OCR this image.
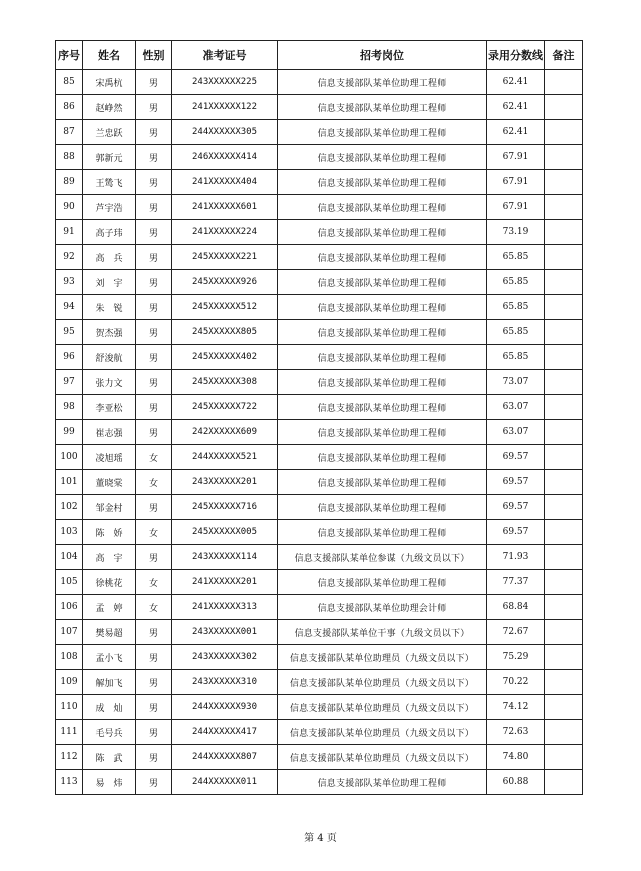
序号	姓名	性别	准考证号	招考岗位	录用分数线	备注
85	宋禹杭	男	243XXXXXX225	信息支援部队某单位助理工程师	62.41	
86	赵峥然	男	241XXXXXX122	信息支援部队某单位助理工程师	62.41	
87	兰忠跃	男	244XXXXXX305	信息支援部队某单位助理工程师	62.41	
88	郭新元	男	246XXXXXX414	信息支援部队某单位助理工程师	67.91	
89	王鸶飞	男	241XXXXXX404	信息支援部队某单位助理工程师	67.91	
90	芦宇浩	男	241XXXXXX601	信息支援部队某单位助理工程师	67.91	
91	高子玮	男	241XXXXXX224	信息支援部队某单位助理工程师	73.19	
92	高　兵	男	245XXXXXX221	信息支援部队某单位助理工程师	65.85	
93	刘　宇	男	245XXXXXX926	信息支援部队某单位助理工程师	65.85	
94	朱　锐	男	245XXXXXX512	信息支援部队某单位助理工程师	65.85	
95	贺杰强	男	245XXXXXX805	信息支援部队某单位助理工程师	65.85	
96	舒浚航	男	245XXXXXX402	信息支援部队某单位助理工程师	65.85	
97	张力文	男	245XXXXXX308	信息支援部队某单位助理工程师	73.07	
98	李亚松	男	245XXXXXX722	信息支援部队某单位助理工程师	63.07	
99	崔志强	男	242XXXXXX609	信息支援部队某单位助理工程师	63.07	
100	凌旭瑶	女	244XXXXXX521	信息支援部队某单位助理工程师	69.57	
101	董晓棠	女	243XXXXXX201	信息支援部队某单位助理工程师	69.57	
102	邹金村	男	245XXXXXX716	信息支援部队某单位助理工程师	69.57	
103	陈　娇	女	245XXXXXX005	信息支援部队某单位助理工程师	69.57	
104	高　宇	男	243XXXXXX114	信息支援部队某单位参谋（九级文员以下）	71.93	
105	徐桃花	女	241XXXXXX201	信息支援部队某单位助理工程师	77.37	
106	孟　婷	女	241XXXXXX313	信息支援部队某单位助理会计师	68.84	
107	樊易超	男	243XXXXXX001	信息支援部队某单位干事（九级文员以下）	72.67	
108	孟小飞	男	243XXXXXX302	信息支援部队某单位助理员（九级文员以下）	75.29	
109	解加飞	男	243XXXXXX310	信息支援部队某单位助理员（九级文员以下）	70.22	
110	成　灿	男	244XXXXXX930	信息支援部队某单位助理员（九级文员以下）	74.12	
111	毛号兵	男	244XXXXXX417	信息支援部队某单位助理员（九级文员以下）	72.63	
112	陈　武	男	244XXXXXX807	信息支援部队某单位助理员（九级文员以下）	74.80	
113	易　炜	男	244XXXXXX011	信息支援部队某单位助理工程师	60.88	
第 4 页
